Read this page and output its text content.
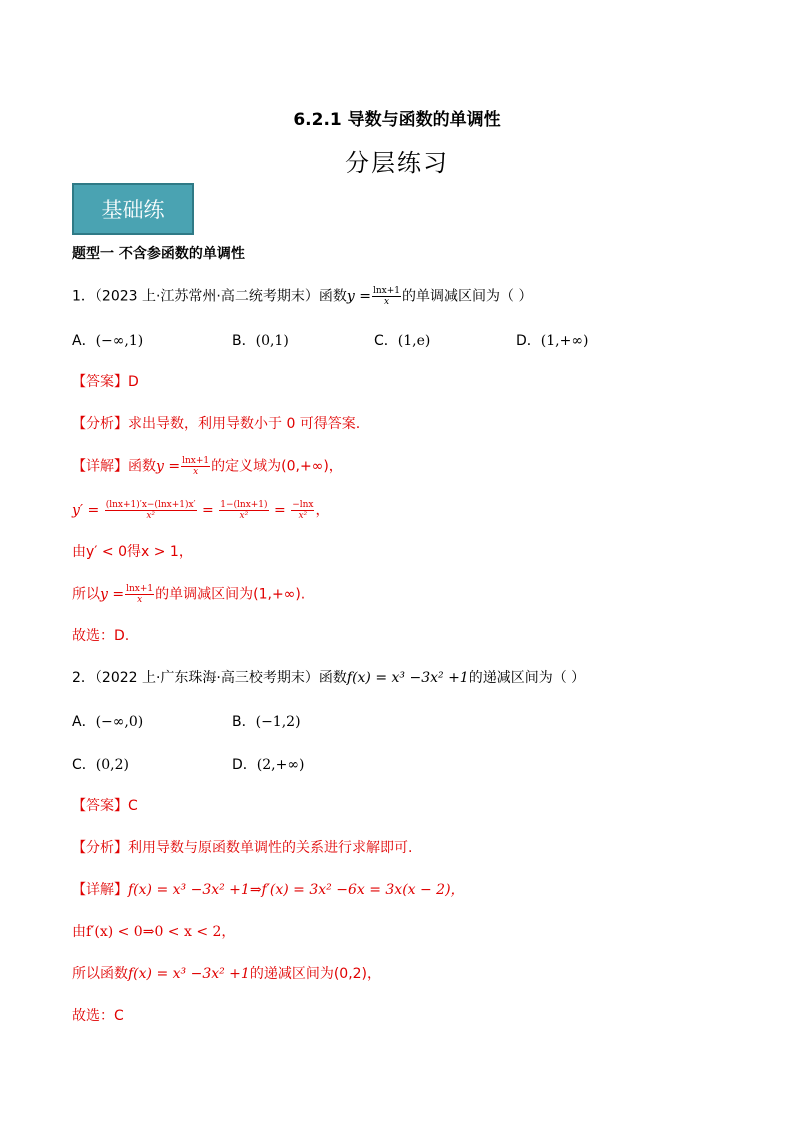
6.2.1 导数与函数的单调性
分层练习
基础练
题型一 不含参函数的单调性
1．（2023 上·江苏常州·高二统考期末）函数$y = \frac{\ln x+1}{x}$ 的单调减区间为（ ）
A．(−∞,1)	B．(0,1)	C．(1,e)	D．(1,+∞)
【答案】D
【分析】求出导数，利用导数小于 0 可得答案.
【详解】函数$y = \frac{\ln x+1}{x}$ 的定义域为(0,+∞)，
$y' = \frac{(\ln x+1)'x-(\ln x+1)x'}{\text{x²}} = \frac{1-(\ln x+1)}{\text{x²}} = \frac{-\ln x}{\text{x²}}$ ，
由y′ < 0得x > 1，
所以$y = \frac{\ln x+1}{x}$ 的单调减区间为(1,+∞).
故选：D.
2．（2022 上·广东珠海·高三校考期末）函数f(x) = x³ −3x² +1的递减区间为（ ）
A．(−∞,0)	B．(−1,2)
C．(0,2)	D．(2,+∞)
【答案】C
【分析】利用导数与原函数单调性的关系进行求解即可.
【详解】f(x) = x³ −3x² +1⇒f′(x) = 3x² −6x = 3x(x − 2)，
由f′(x) < 0⇒0 < x < 2，
所以函数f(x) = x³ −3x² +1的递减区间为(0,2)，
故选：C
